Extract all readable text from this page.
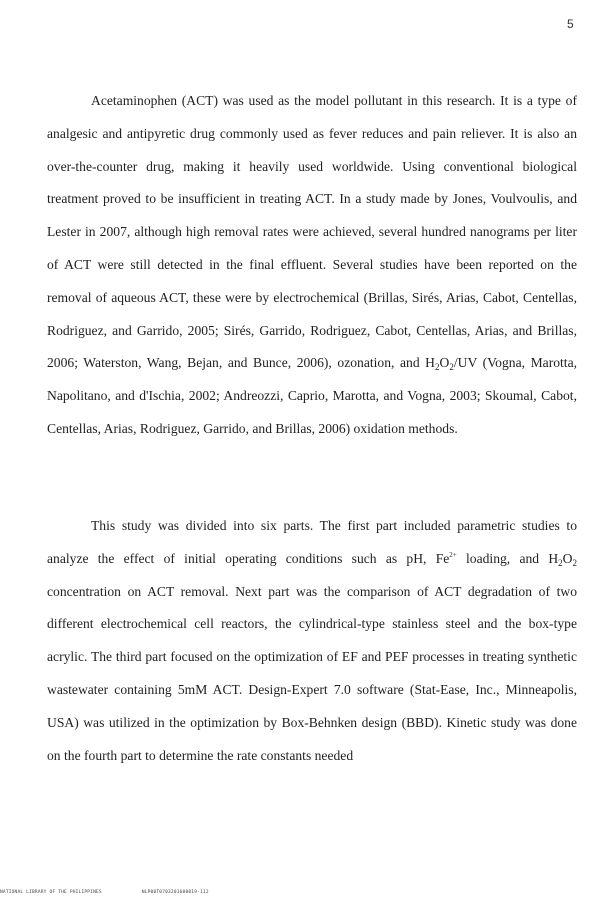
5

Acetaminophen (ACT) was used as the model pollutant in this research. It is a type of analgesic and antipyretic drug commonly used as fever reduces and pain reliever. It is also an over-the-counter drug, making it heavily used worldwide. Using conventional biological treatment proved to be insufficient in treating ACT. In a study made by Jones, Voulvoulis, and Lester in 2007, although high removal rates were achieved, several hundred nanograms per liter of ACT were still detected in the final effluent. Several studies have been reported on the removal of aqueous ACT, these were by electrochemical (Brillas, Sirés, Arias, Cabot, Centellas, Rodriguez, and Garrido, 2005; Sirés, Garrido, Rodriguez, Cabot, Centellas, Arias, and Brillas, 2006; Waterston, Wang, Bejan, and Bunce, 2006), ozonation, and $H_2O_2/UV$ (Vogna, Marotta, Napolitano, and d'Ischia, 2002; Andreozzi, Caprio, Marotta, and Vogna, 2003; Skoumal, Cabot, Centellas, Arias, Rodriguez, Garrido, and Brillas, 2006) oxidation methods.

This study was divided into six parts. The first part included parametric studies to analyze the effect of initial operating conditions such as pH, $Fe^{2+}$ loading, and $H_2O_2$ concentration on ACT removal. Next part was the comparison of ACT degradation of two different electrochemical cell reactors, the cylindrical-type stainless steel and the box-type acrylic. The third part focused on the optimization of EF and PEF processes in treating synthetic wastewater containing 5mM ACT. Design-Expert 7.0 software (Stat-Ease, Inc., Minneapolis, USA) was utilized in the optimization by Box-Behnken design (BBD). Kinetic study was done on the fourth part to determine the rate constants needed

NATIONAL LIBRARY OF THE PHILIPPINES	NLP00T0703201600019-112
